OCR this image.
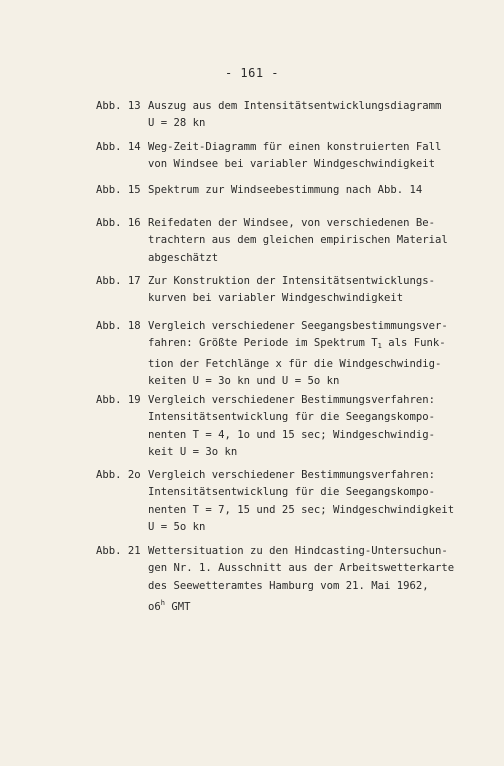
- 161 -
Abb. 13 Auszug aus dem Intensitätsentwicklungsdiagramm
U = 28 kn
Abb. 14 Weg-Zeit-Diagramm für einen konstruierten Fall
von Windsee bei variabler Windgeschwindigkeit
Abb. 15 Spektrum zur Windseebestimmung nach Abb. 14
Abb. 16 Reifedaten der Windsee, von verschiedenen Be-
trachtern aus dem gleichen empirischen Material
abgeschätzt
Abb. 17 Zur Konstruktion der Intensitätsentwicklungs-
kurven bei variabler Windgeschwindigkeit
Abb. 18 Vergleich verschiedener Seegangsbestimmungsver-
fahren: Größte Periode im Spektrum $T_1$ als Funk-
tion der Fetchlänge x für die Windgeschwindig-
keiten U = 3o kn und U = 5o kn
Abb. 19 Vergleich verschiedener Bestimmungsverfahren:
Intensitätsentwicklung für die Seegangskompo-
nenten T = 4, 1o und 15 sec; Windgeschwindig-
keit U = 3o kn
Abb. 2o Vergleich verschiedener Bestimmungsverfahren:
Intensitätsentwicklung für die Seegangskompo-
nenten T = 7, 15 und 25 sec; Windgeschwindigkeit
U = 5o kn
Abb. 21 Wettersituation zu den Hindcasting-Untersuchun-
gen Nr. 1. Ausschnitt aus der Arbeitswetterkarte
des Seewetteramtes Hamburg vom 21. Mai 1962,
o6$^h$ GMT
